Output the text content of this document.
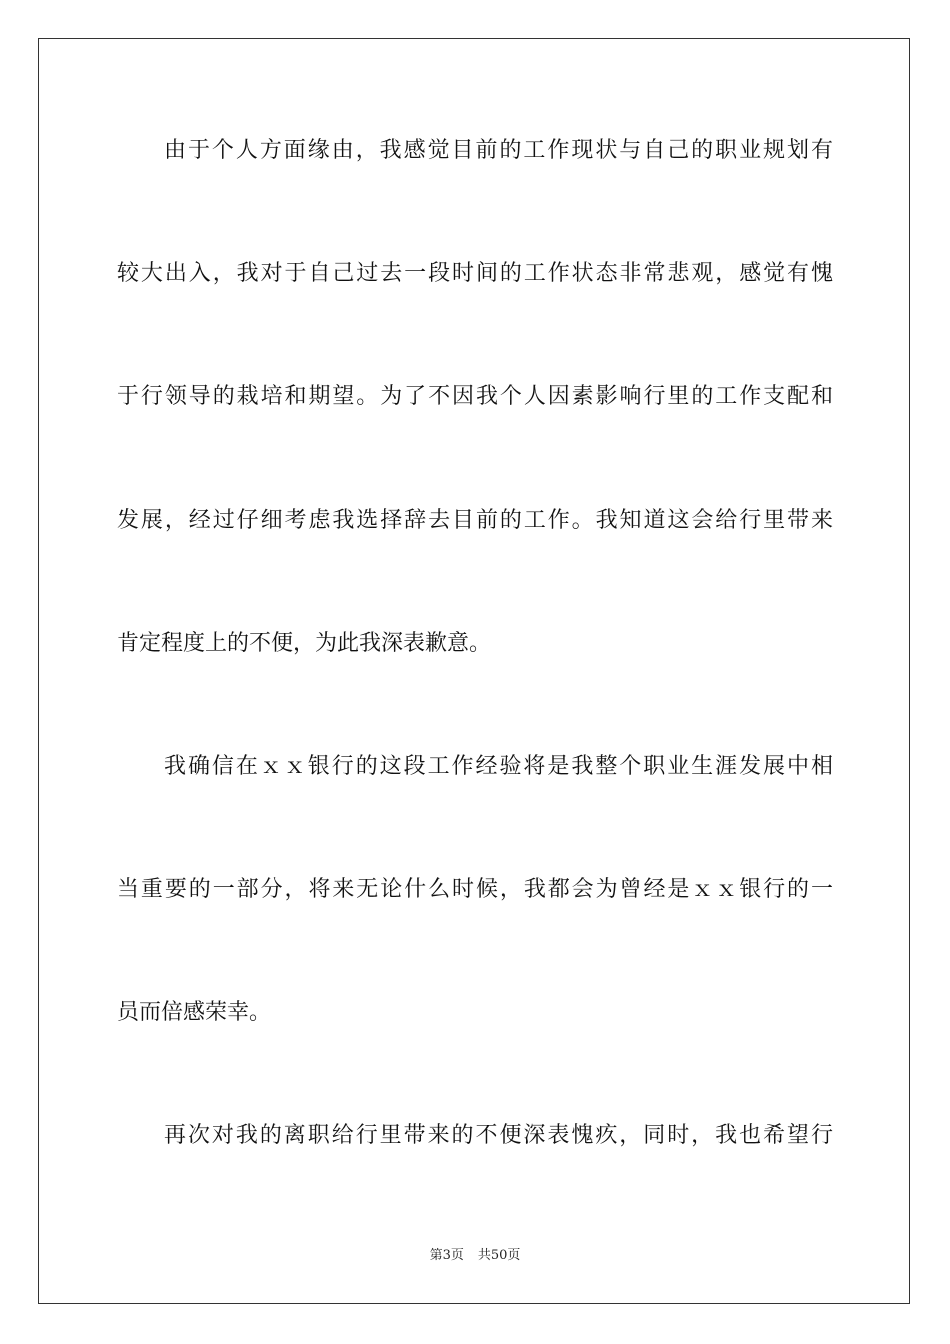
由于个人方面缘由，我感觉目前的工作现状与自己的职业规划有
较大出入，我对于自己过去一段时间的工作状态非常悲观，感觉有愧
于行领导的栽培和期望。为了不因我个人因素影响行里的工作支配和
发展，经过仔细考虑我选择辞去目前的工作。我知道这会给行里带来
肯定程度上的不便，为此我深表歉意。
我确信在ｘｘ银行的这段工作经验将是我整个职业生涯发展中相
当重要的一部分，将来无论什么时候，我都会为曾经是ｘｘ银行的一
员而倍感荣幸。
再次对我的离职给行里带来的不便深表愧疚，同时，我也希望行
第3页 共50页
